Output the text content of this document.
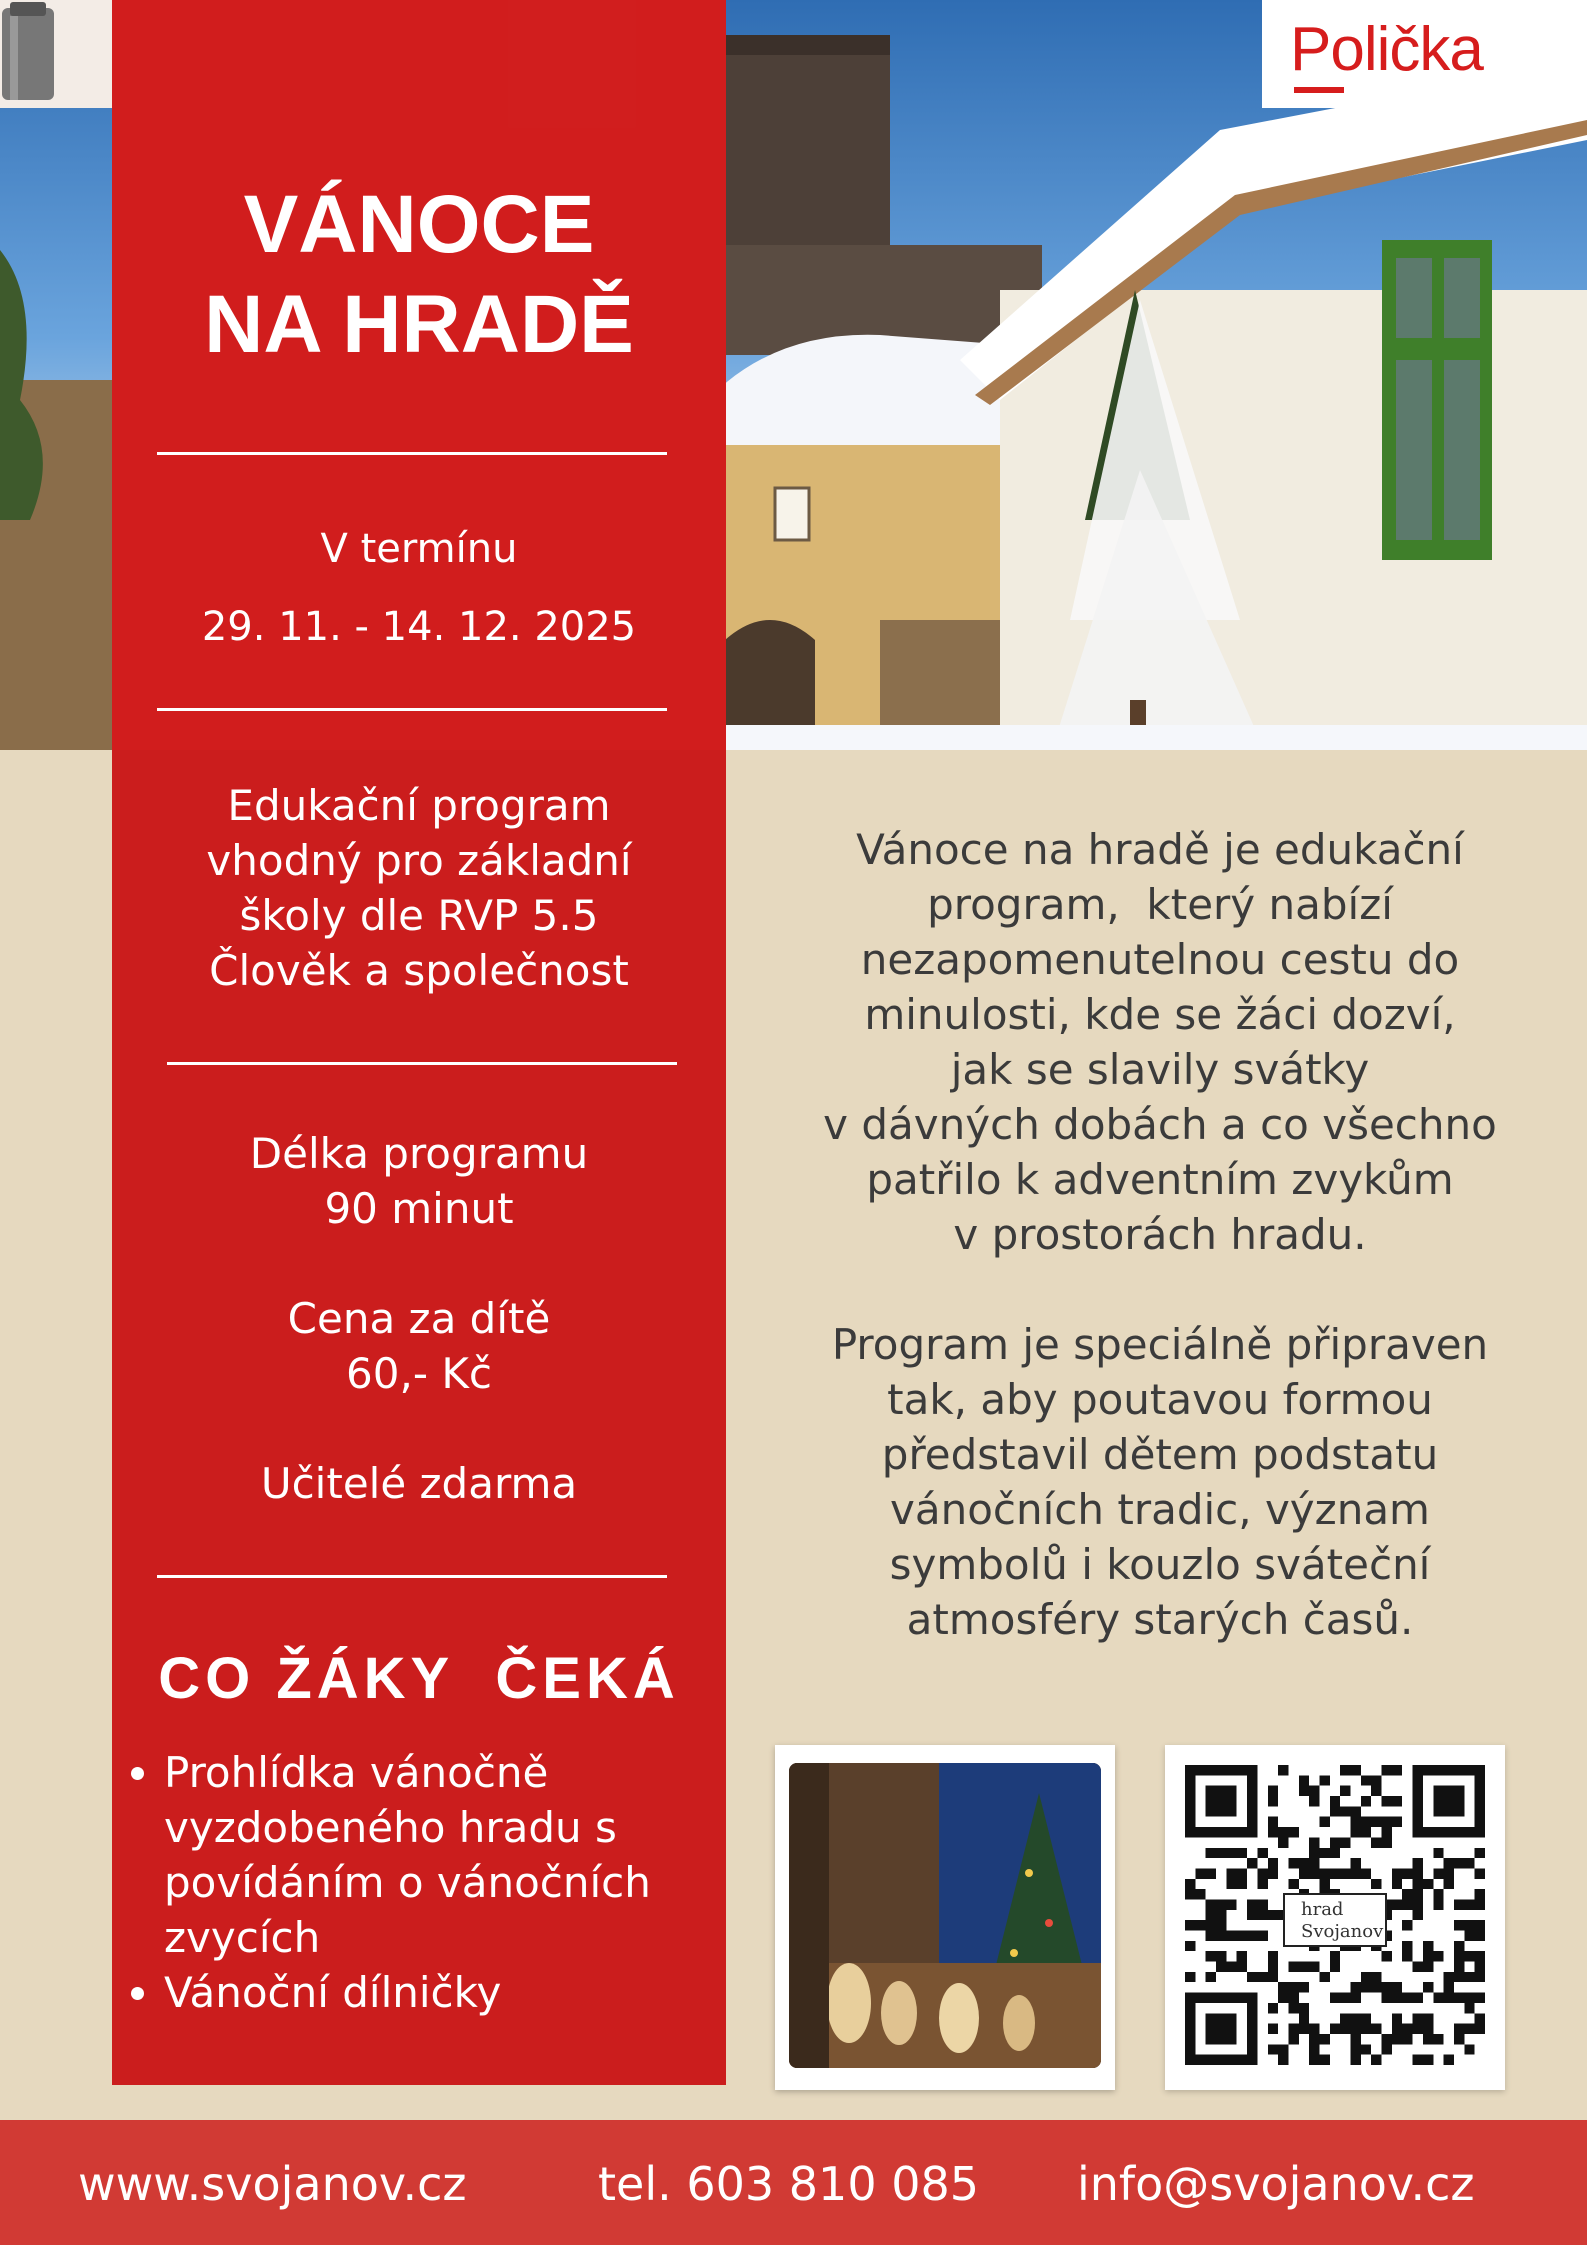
Polička
VÁNOCE
NA HRADĚ
V termínu
29. 11. - 14. 12. 2025
Edukační program
vhodný pro základní
školy dle RVP 5.5
Člověk a společnost
Délka programu
90 minut
Cena za dítě
60,- Kč
Učitelé zdarma
CO ŽÁKY  ČEKÁ
• Prohlídka vánočně vyzdobeného hradu s povídáním o vánočních zvycích
• Vánoční dílničky

Vánoce na hradě je edukační
program,  který nabízí
nezapomenutelnou cestu do
minulosti, kde se žáci dozví,
jak se slavily svátky
v dávných dobách a co všechno
patřilo k adventním zvykům
v prostorách hradu.

Program je speciálně připraven
tak, aby poutavou formou
představil dětem podstatu
vánočních tradic, význam
symbolů i kouzlo sváteční
atmosféry starých časů.

hrad
Svojanov
www.svojanov.cz	tel. 603 810 085 info@svojanov.cz
